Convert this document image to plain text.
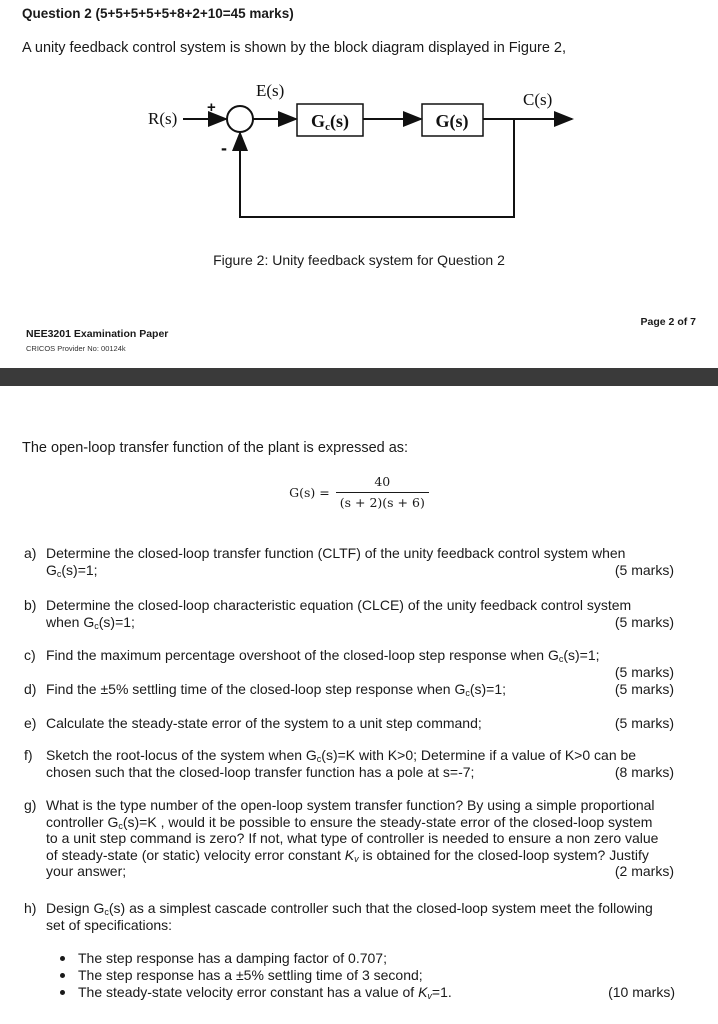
Question 2 (5+5+5+5+5+8+2+10=45 marks)
A unity feedback control system is shown by the block diagram displayed in Figure 2,
R(s)
+
-
E(s)
Gc(s)	G(s)
C(s)
Figure 2: Unity feedback system for Question 2
NEE3201 Examination Paper
CRICOS Provider No: 00124k
Page 2 of 7
The open-loop transfer function of the plant is expressed as:
$G(s) = \frac{40}{(s + 2)(s + 6)}$
a) Determine the closed-loop transfer function (CLTF) of the unity feedback control system when
$G_c(s)=1$;	(5 marks)
b) Determine the closed-loop characteristic equation (CLCE) of the unity feedback control system
when $G_c(s)=1$;	(5 marks)
c) Find the maximum percentage overshoot of the closed-loop step response when $G_c(s)=1$;
(5 marks)
d) Find the ±5% settling time of the closed-loop step response when $G_c(s)=1$;	(5 marks)
e) Calculate the steady-state error of the system to a unit step command;	(5 marks)
f) Sketch the root-locus of the system when $G_c(s)=K$ with K>0; Determine if a value of K>0 can be
chosen such that the closed-loop transfer function has a pole at s=-7;	(8 marks)
g) What is the type number of the open-loop system transfer function? By using a simple proportional
controller $G_c(s)=K$ , would it be possible to ensure the steady-state error of the closed-loop system
to a unit step command is zero? If not, what type of controller is needed to ensure a non zero value
of steady-state (or static) velocity error constant $K_v$ is obtained for the closed-loop system? Justify
your answer;	(2 marks)
h) Design $G_c(s)$ as a simplest cascade controller such that the closed-loop system meet the following
set of specifications:
The step response has a damping factor of 0.707;
The step response has a ±5% settling time of 3 second;
The steady-state velocity error constant has a value of $K_v=1$.	(10 marks)
